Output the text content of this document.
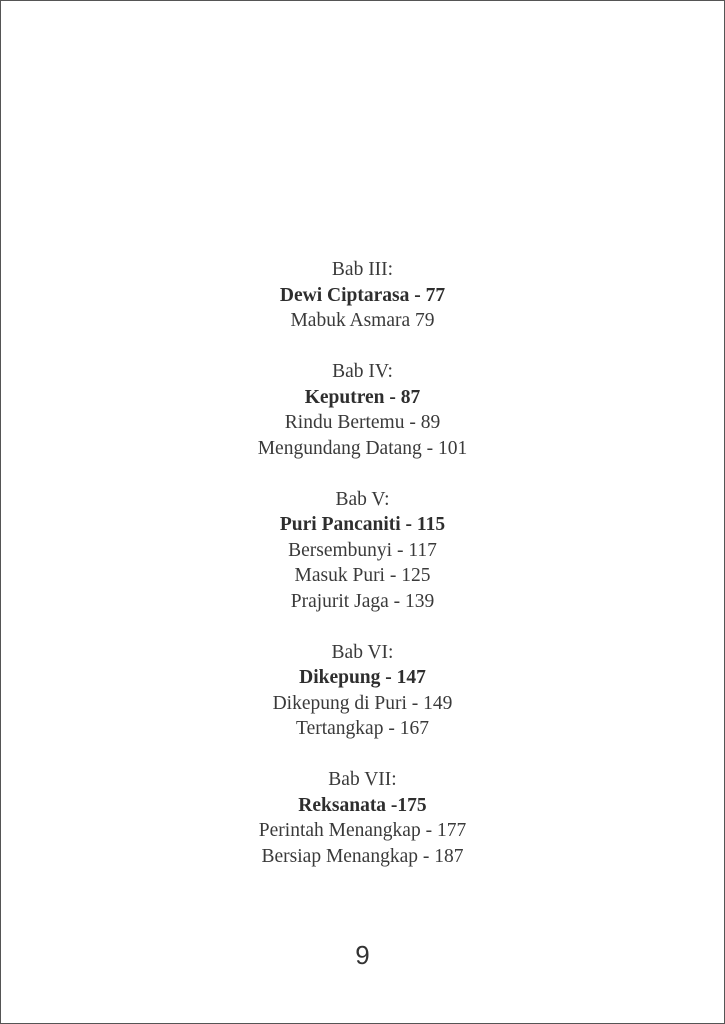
Bab III:
Dewi Ciptarasa - 77
Mabuk Asmara 79
Bab IV:
Keputren - 87
Rindu Bertemu - 89
Mengundang Datang - 101
Bab V:
Puri Pancaniti - 115
Bersembunyi - 117
Masuk Puri - 125
Prajurit Jaga - 139
Bab VI:
Dikepung - 147
Dikepung di Puri - 149
Tertangkap - 167
Bab VII:
Reksanata -175
Perintah Menangkap - 177
Bersiap Menangkap - 187
9
